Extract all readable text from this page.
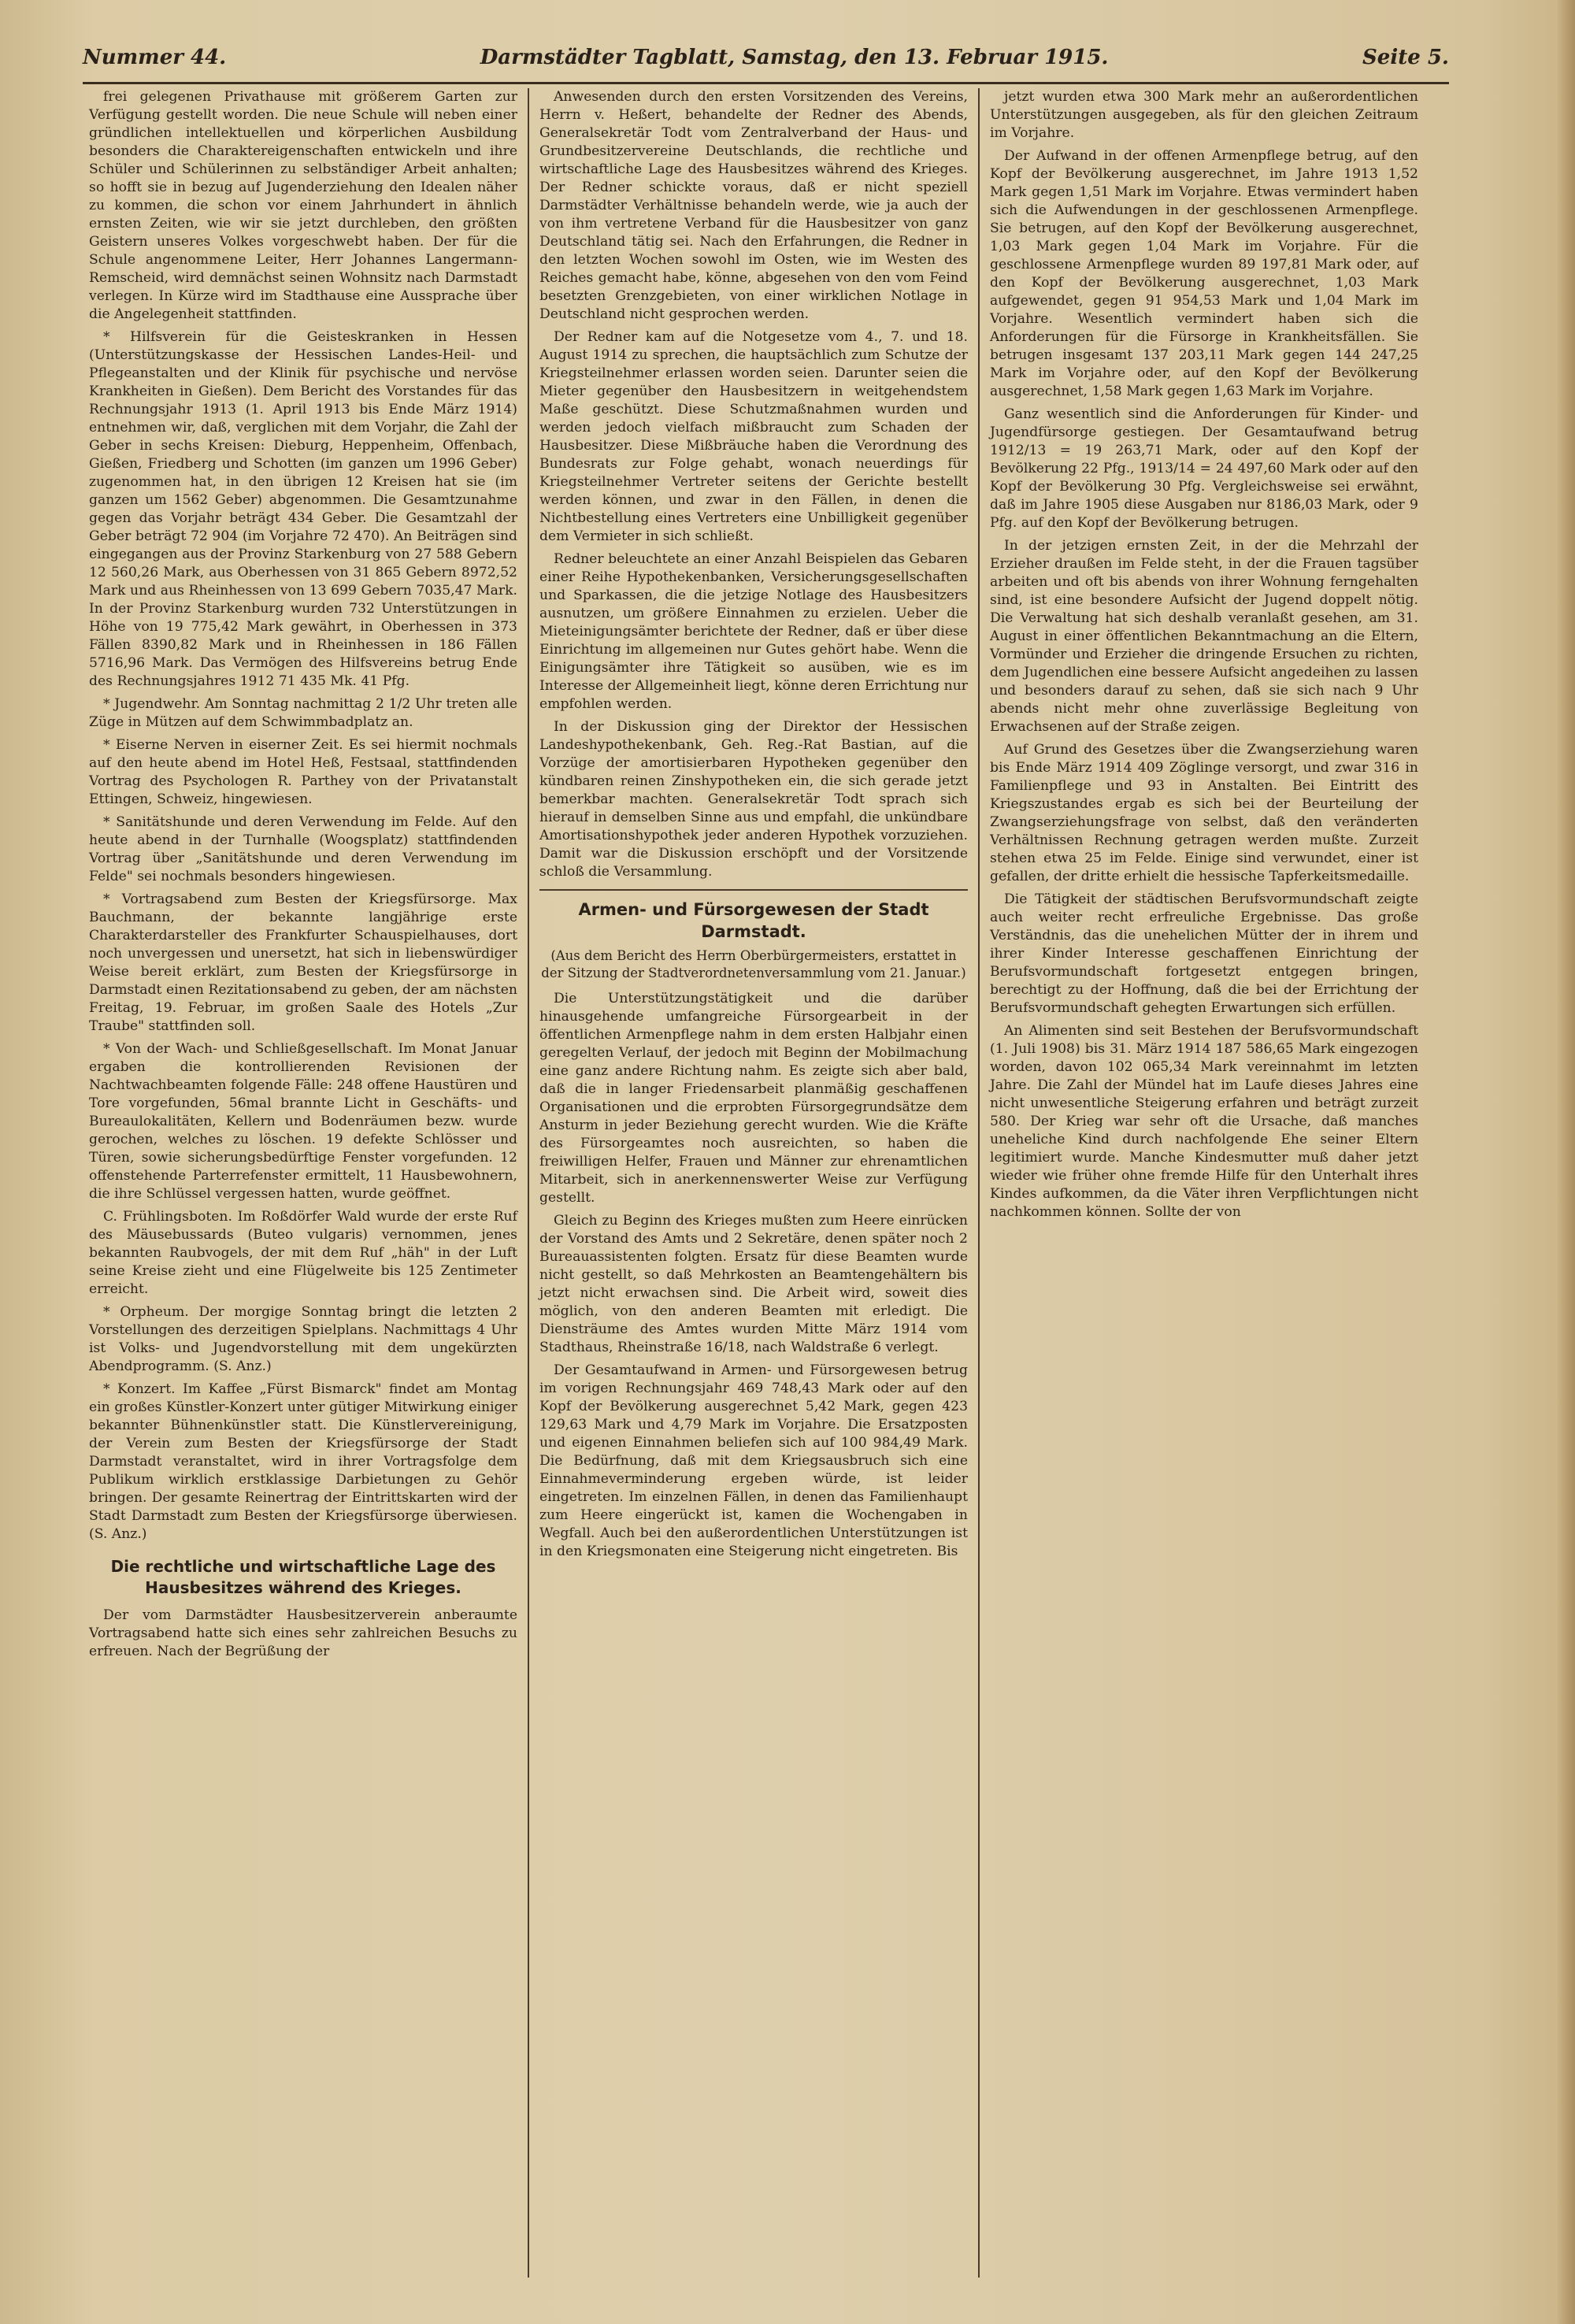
Nummer 44.	Darmstädter Tagblatt, Samstag, den 13. Februar 1915.	Seite 5.

frei gelegenen Privathause mit größerem Garten zur Verfügung gestellt worden. Die neue Schule will neben einer gründlichen intellektuellen und körperlichen Ausbildung besonders die Charaktereigenschaften entwickeln und ihre Schüler und Schülerinnen zu selbständiger Arbeit anhalten; so hofft sie in bezug auf Jugenderziehung den Idealen näher zu kommen, die schon vor einem Jahrhundert in ähnlich ernsten Zeiten, wie wir sie jetzt durchleben, den größten Geistern unseres Volkes vorgeschwebt haben. Der für die Schule angenommene Leiter, Herr Johannes Langermann-Remscheid, wird demnächst seinen Wohnsitz nach Darmstadt verlegen. In Kürze wird im Stadthause eine Aussprache über die Angelegenheit stattfinden.

* Hilfsverein für die Geisteskranken in Hessen (Unterstützungskasse der Hessischen Landes-Heil- und Pflegeanstalten und der Klinik für psychische und nervöse Krankheiten in Gießen). Dem Bericht des Vorstandes für das Rechnungsjahr 1913 (1. April 1913 bis Ende März 1914) entnehmen wir, daß, verglichen mit dem Vorjahr, die Zahl der Geber in sechs Kreisen: Dieburg, Heppenheim, Offenbach, Gießen, Friedberg und Schotten (im ganzen um 1996 Geber) zugenommen hat, in den übrigen 12 Kreisen hat sie (im ganzen um 1562 Geber) abgenommen. Die Gesamtzunahme gegen das Vorjahr beträgt 434 Geber. Die Gesamtzahl der Geber beträgt 72 904 (im Vorjahre 72 470). An Beiträgen sind eingegangen aus der Provinz Starkenburg von 27 588 Gebern 12 560,26 Mark, aus Oberhessen von 31 865 Gebern 8972,52 Mark und aus Rheinhessen von 13 699 Gebern 7035,47 Mark. In der Provinz Starkenburg wurden 732 Unterstützungen in Höhe von 19 775,42 Mark gewährt, in Oberhessen in 373 Fällen 8390,82 Mark und in Rheinhessen in 186 Fällen 5716,96 Mark. Das Vermögen des Hilfsvereins betrug Ende des Rechnungsjahres 1912 71 435 Mk. 41 Pfg.

* Jugendwehr. Am Sonntag nachmittag 2 1/2 Uhr treten alle Züge in Mützen auf dem Schwimmbadplatz an.

* Eiserne Nerven in eiserner Zeit. Es sei hiermit nochmals auf den heute abend im Hotel Heß, Festsaal, stattfindenden Vortrag des Psychologen R. Parthey von der Privatanstalt Ettingen, Schweiz, hingewiesen.

* Sanitätshunde und deren Verwendung im Felde. Auf den heute abend in der Turnhalle (Woogsplatz) stattfindenden Vortrag über „Sanitätshunde und deren Verwendung im Felde" sei nochmals besonders hingewiesen.

* Vortragsabend zum Besten der Kriegsfürsorge. Max Bauchmann, der bekannte langjährige erste Charakterdarsteller des Frankfurter Schauspielhauses, dort noch unvergessen und unersetzt, hat sich in liebenswürdiger Weise bereit erklärt, zum Besten der Kriegsfürsorge in Darmstadt einen Rezitationsabend zu geben, der am nächsten Freitag, 19. Februar, im großen Saale des Hotels „Zur Traube" stattfinden soll.

* Von der Wach- und Schließgesellschaft. Im Monat Januar ergaben die kontrollierenden Revisionen der Nachtwachbeamten folgende Fälle: 248 offene Haustüren und Tore vorgefunden, 56mal brannte Licht in Geschäfts- und Bureaulokalitäten, Kellern und Bodenräumen bezw. wurde gerochen, welches zu löschen. 19 defekte Schlösser und Türen, sowie sicherungsbedürftige Fenster vorgefunden. 12 offenstehende Parterrefenster ermittelt, 11 Hausbewohnern, die ihre Schlüssel vergessen hatten, wurde geöffnet.

C. Frühlingsboten. Im Roßdörfer Wald wurde der erste Ruf des Mäusebussards (Buteo vulgaris) vernommen, jenes bekannten Raubvogels, der mit dem Ruf „häh" in der Luft seine Kreise zieht und eine Flügelweite bis 125 Zentimeter erreicht.

* Orpheum. Der morgige Sonntag bringt die letzten 2 Vorstellungen des derzeitigen Spielplans. Nachmittags 4 Uhr ist Volks- und Jugendvorstellung mit dem ungekürzten Abendprogramm. (S. Anz.)

* Konzert. Im Kaffee „Fürst Bismarck" findet am Montag ein großes Künstler-Konzert unter gütiger Mitwirkung einiger bekannter Bühnenkünstler statt. Die Künstlervereinigung, der Verein zum Besten der Kriegsfürsorge der Stadt Darmstadt veranstaltet, wird in ihrer Vortragsfolge dem Publikum wirklich erstklassige Darbietungen zu Gehör bringen. Der gesamte Reinertrag der Eintrittskarten wird der Stadt Darmstadt zum Besten der Kriegsfürsorge überwiesen. (S. Anz.)

Die rechtliche und wirtschaftliche Lage des Hausbesitzes während des Krieges.

Der vom Darmstädter Hausbesitzerverein anberaumte Vortragsabend hatte sich eines sehr zahlreichen Besuchs zu erfreuen. Nach der Begrüßung der

Anwesenden durch den ersten Vorsitzenden des Vereins, Herrn v. Heßert, behandelte der Redner des Abends, Generalsekretär Todt vom Zentralverband der Haus- und Grundbesitzervereine Deutschlands, die rechtliche und wirtschaftliche Lage des Hausbesitzes während des Krieges. Der Redner schickte voraus, daß er nicht speziell Darmstädter Verhältnisse behandeln werde, wie ja auch der von ihm vertretene Verband für die Hausbesitzer von ganz Deutschland tätig sei. Nach den Erfahrungen, die Redner in den letzten Wochen sowohl im Osten, wie im Westen des Reiches gemacht habe, könne, abgesehen von den vom Feind besetzten Grenzgebieten, von einer wirklichen Notlage in Deutschland nicht gesprochen werden.

Der Redner kam auf die Notgesetze vom 4., 7. und 18. August 1914 zu sprechen, die hauptsächlich zum Schutze der Kriegsteilnehmer erlassen worden seien. Darunter seien die Mieter gegenüber den Hausbesitzern in weitgehendstem Maße geschützt. Diese Schutzmaßnahmen wurden und werden jedoch vielfach mißbraucht zum Schaden der Hausbesitzer. Diese Mißbräuche haben die Verordnung des Bundesrats zur Folge gehabt, wonach neuerdings für Kriegsteilnehmer Vertreter seitens der Gerichte bestellt werden können, und zwar in den Fällen, in denen die Nichtbestellung eines Vertreters eine Unbilligkeit gegenüber dem Vermieter in sich schließt.

Redner beleuchtete an einer Anzahl Beispielen das Gebaren einer Reihe Hypothekenbanken, Versicherungsgesellschaften und Sparkassen, die die jetzige Notlage des Hausbesitzers ausnutzen, um größere Einnahmen zu erzielen. Ueber die Mieteinigungsämter berichtete der Redner, daß er über diese Einrichtung im allgemeinen nur Gutes gehört habe. Wenn die Einigungsämter ihre Tätigkeit so ausüben, wie es im Interesse der Allgemeinheit liegt, könne deren Errichtung nur empfohlen werden.

In der Diskussion ging der Direktor der Hessischen Landeshypothekenbank, Geh. Reg.-Rat Bastian, auf die Vorzüge der amortisierbaren Hypotheken gegenüber den kündbaren reinen Zinshypotheken ein, die sich gerade jetzt bemerkbar machten. Generalsekretär Todt sprach sich hierauf in demselben Sinne aus und empfahl, die unkündbare Amortisationshypothek jeder anderen Hypothek vorzuziehen. Damit war die Diskussion erschöpft und der Vorsitzende schloß die Versammlung.

Armen- und Fürsorgewesen der Stadt Darmstadt.
(Aus dem Bericht des Herrn Oberbürgermeisters, erstattet in der Sitzung der Stadtverordnetenversammlung vom 21. Januar.)

Die Unterstützungstätigkeit und die darüber hinausgehende umfangreiche Fürsorgearbeit in der öffentlichen Armenpflege nahm in dem ersten Halbjahr einen geregelten Verlauf, der jedoch mit Beginn der Mobilmachung eine ganz andere Richtung nahm. Es zeigte sich aber bald, daß die in langer Friedensarbeit planmäßig geschaffenen Organisationen und die erprobten Fürsorgegrundsätze dem Ansturm in jeder Beziehung gerecht wurden. Wie die Kräfte des Fürsorgeamtes noch ausreichten, so haben die freiwilligen Helfer, Frauen und Männer zur ehrenamtlichen Mitarbeit, sich in anerkennenswerter Weise zur Verfügung gestellt.

Gleich zu Beginn des Krieges mußten zum Heere einrücken der Vorstand des Amts und 2 Sekretäre, denen später noch 2 Bureauassistenten folgten. Ersatz für diese Beamten wurde nicht gestellt, so daß Mehrkosten an Beamtengehältern bis jetzt nicht erwachsen sind. Die Arbeit wird, soweit dies möglich, von den anderen Beamten mit erledigt. Die Diensträume des Amtes wurden Mitte März 1914 vom Stadthaus, Rheinstraße 16/18, nach Waldstraße 6 verlegt.

Der Gesamtaufwand in Armen- und Fürsorgewesen betrug im vorigen Rechnungsjahr 469 748,43 Mark oder auf den Kopf der Bevölkerung ausgerechnet 5,42 Mark, gegen 423 129,63 Mark und 4,79 Mark im Vorjahre. Die Ersatzposten und eigenen Einnahmen beliefen sich auf 100 984,49 Mark. Die Bedürfnung, daß mit dem Kriegsausbruch sich eine Einnahmeverminderung ergeben würde, ist leider eingetreten. Im einzelnen Fällen, in denen das Familienhaupt zum Heere eingerückt ist, kamen die Wochengaben in Wegfall. Auch bei den außerordentlichen Unterstützungen ist in den Kriegsmonaten eine Steigerung nicht eingetreten. Bis

jetzt wurden etwa 300 Mark mehr an außerordentlichen Unterstützungen ausgegeben, als für den gleichen Zeitraum im Vorjahre.

Der Aufwand in der offenen Armenpflege betrug, auf den Kopf der Bevölkerung ausgerechnet, im Jahre 1913 1,52 Mark gegen 1,51 Mark im Vorjahre. Etwas vermindert haben sich die Aufwendungen in der geschlossenen Armenpflege. Sie betrugen, auf den Kopf der Bevölkerung ausgerechnet, 1,03 Mark gegen 1,04 Mark im Vorjahre. Für die geschlossene Armenpflege wurden 89 197,81 Mark oder, auf den Kopf der Bevölkerung ausgerechnet, 1,03 Mark aufgewendet, gegen 91 954,53 Mark und 1,04 Mark im Vorjahre. Wesentlich vermindert haben sich die Anforderungen für die Fürsorge in Krankheitsfällen. Sie betrugen insgesamt 137 203,11 Mark gegen 144 247,25 Mark im Vorjahre oder, auf den Kopf der Bevölkerung ausgerechnet, 1,58 Mark gegen 1,63 Mark im Vorjahre.

Ganz wesentlich sind die Anforderungen für Kinder- und Jugendfürsorge gestiegen. Der Gesamtaufwand betrug 1912/13 = 19 263,71 Mark, oder auf den Kopf der Bevölkerung 22 Pfg., 1913/14 = 24 497,60 Mark oder auf den Kopf der Bevölkerung 30 Pfg. Vergleichsweise sei erwähnt, daß im Jahre 1905 diese Ausgaben nur 8186,03 Mark, oder 9 Pfg. auf den Kopf der Bevölkerung betrugen.

In der jetzigen ernsten Zeit, in der die Mehrzahl der Erzieher draußen im Felde steht, in der die Frauen tagsüber arbeiten und oft bis abends von ihrer Wohnung ferngehalten sind, ist eine besondere Aufsicht der Jugend doppelt nötig. Die Verwaltung hat sich deshalb veranlaßt gesehen, am 31. August in einer öffentlichen Bekanntmachung an die Eltern, Vormünder und Erzieher die dringende Ersuchen zu richten, dem Jugendlichen eine bessere Aufsicht angedeihen zu lassen und besonders darauf zu sehen, daß sie sich nach 9 Uhr abends nicht mehr ohne zuverlässige Begleitung von Erwachsenen auf der Straße zeigen.

Auf Grund des Gesetzes über die Zwangserziehung waren bis Ende März 1914 409 Zöglinge versorgt, und zwar 316 in Familienpflege und 93 in Anstalten. Bei Eintritt des Kriegszustandes ergab es sich bei der Beurteilung der Zwangserziehungsfrage von selbst, daß den veränderten Verhältnissen Rechnung getragen werden mußte. Zurzeit stehen etwa 25 im Felde. Einige sind verwundet, einer ist gefallen, der dritte erhielt die hessische Tapferkeitsmedaille.

Die Tätigkeit der städtischen Berufsvormundschaft zeigte auch weiter recht erfreuliche Ergebnisse. Das große Verständnis, das die unehelichen Mütter der in ihrem und ihrer Kinder Interesse geschaffenen Einrichtung der Berufsvormundschaft fortgesetzt entgegen bringen, berechtigt zu der Hoffnung, daß die bei der Errichtung der Berufsvormundschaft gehegten Erwartungen sich erfüllen.

An Alimenten sind seit Bestehen der Berufsvormundschaft (1. Juli 1908) bis 31. März 1914 187 586,65 Mark eingezogen worden, davon 102 065,34 Mark vereinnahmt im letzten Jahre. Die Zahl der Mündel hat im Laufe dieses Jahres eine nicht unwesentliche Steigerung erfahren und beträgt zurzeit 580. Der Krieg war sehr oft die Ursache, daß manches uneheliche Kind durch nachfolgende Ehe seiner Eltern legitimiert wurde. Manche Kindesmutter muß daher jetzt wieder wie früher ohne fremde Hilfe für den Unterhalt ihres Kindes aufkommen, da die Väter ihren Verpflichtungen nicht nachkommen können. Sollte der von
